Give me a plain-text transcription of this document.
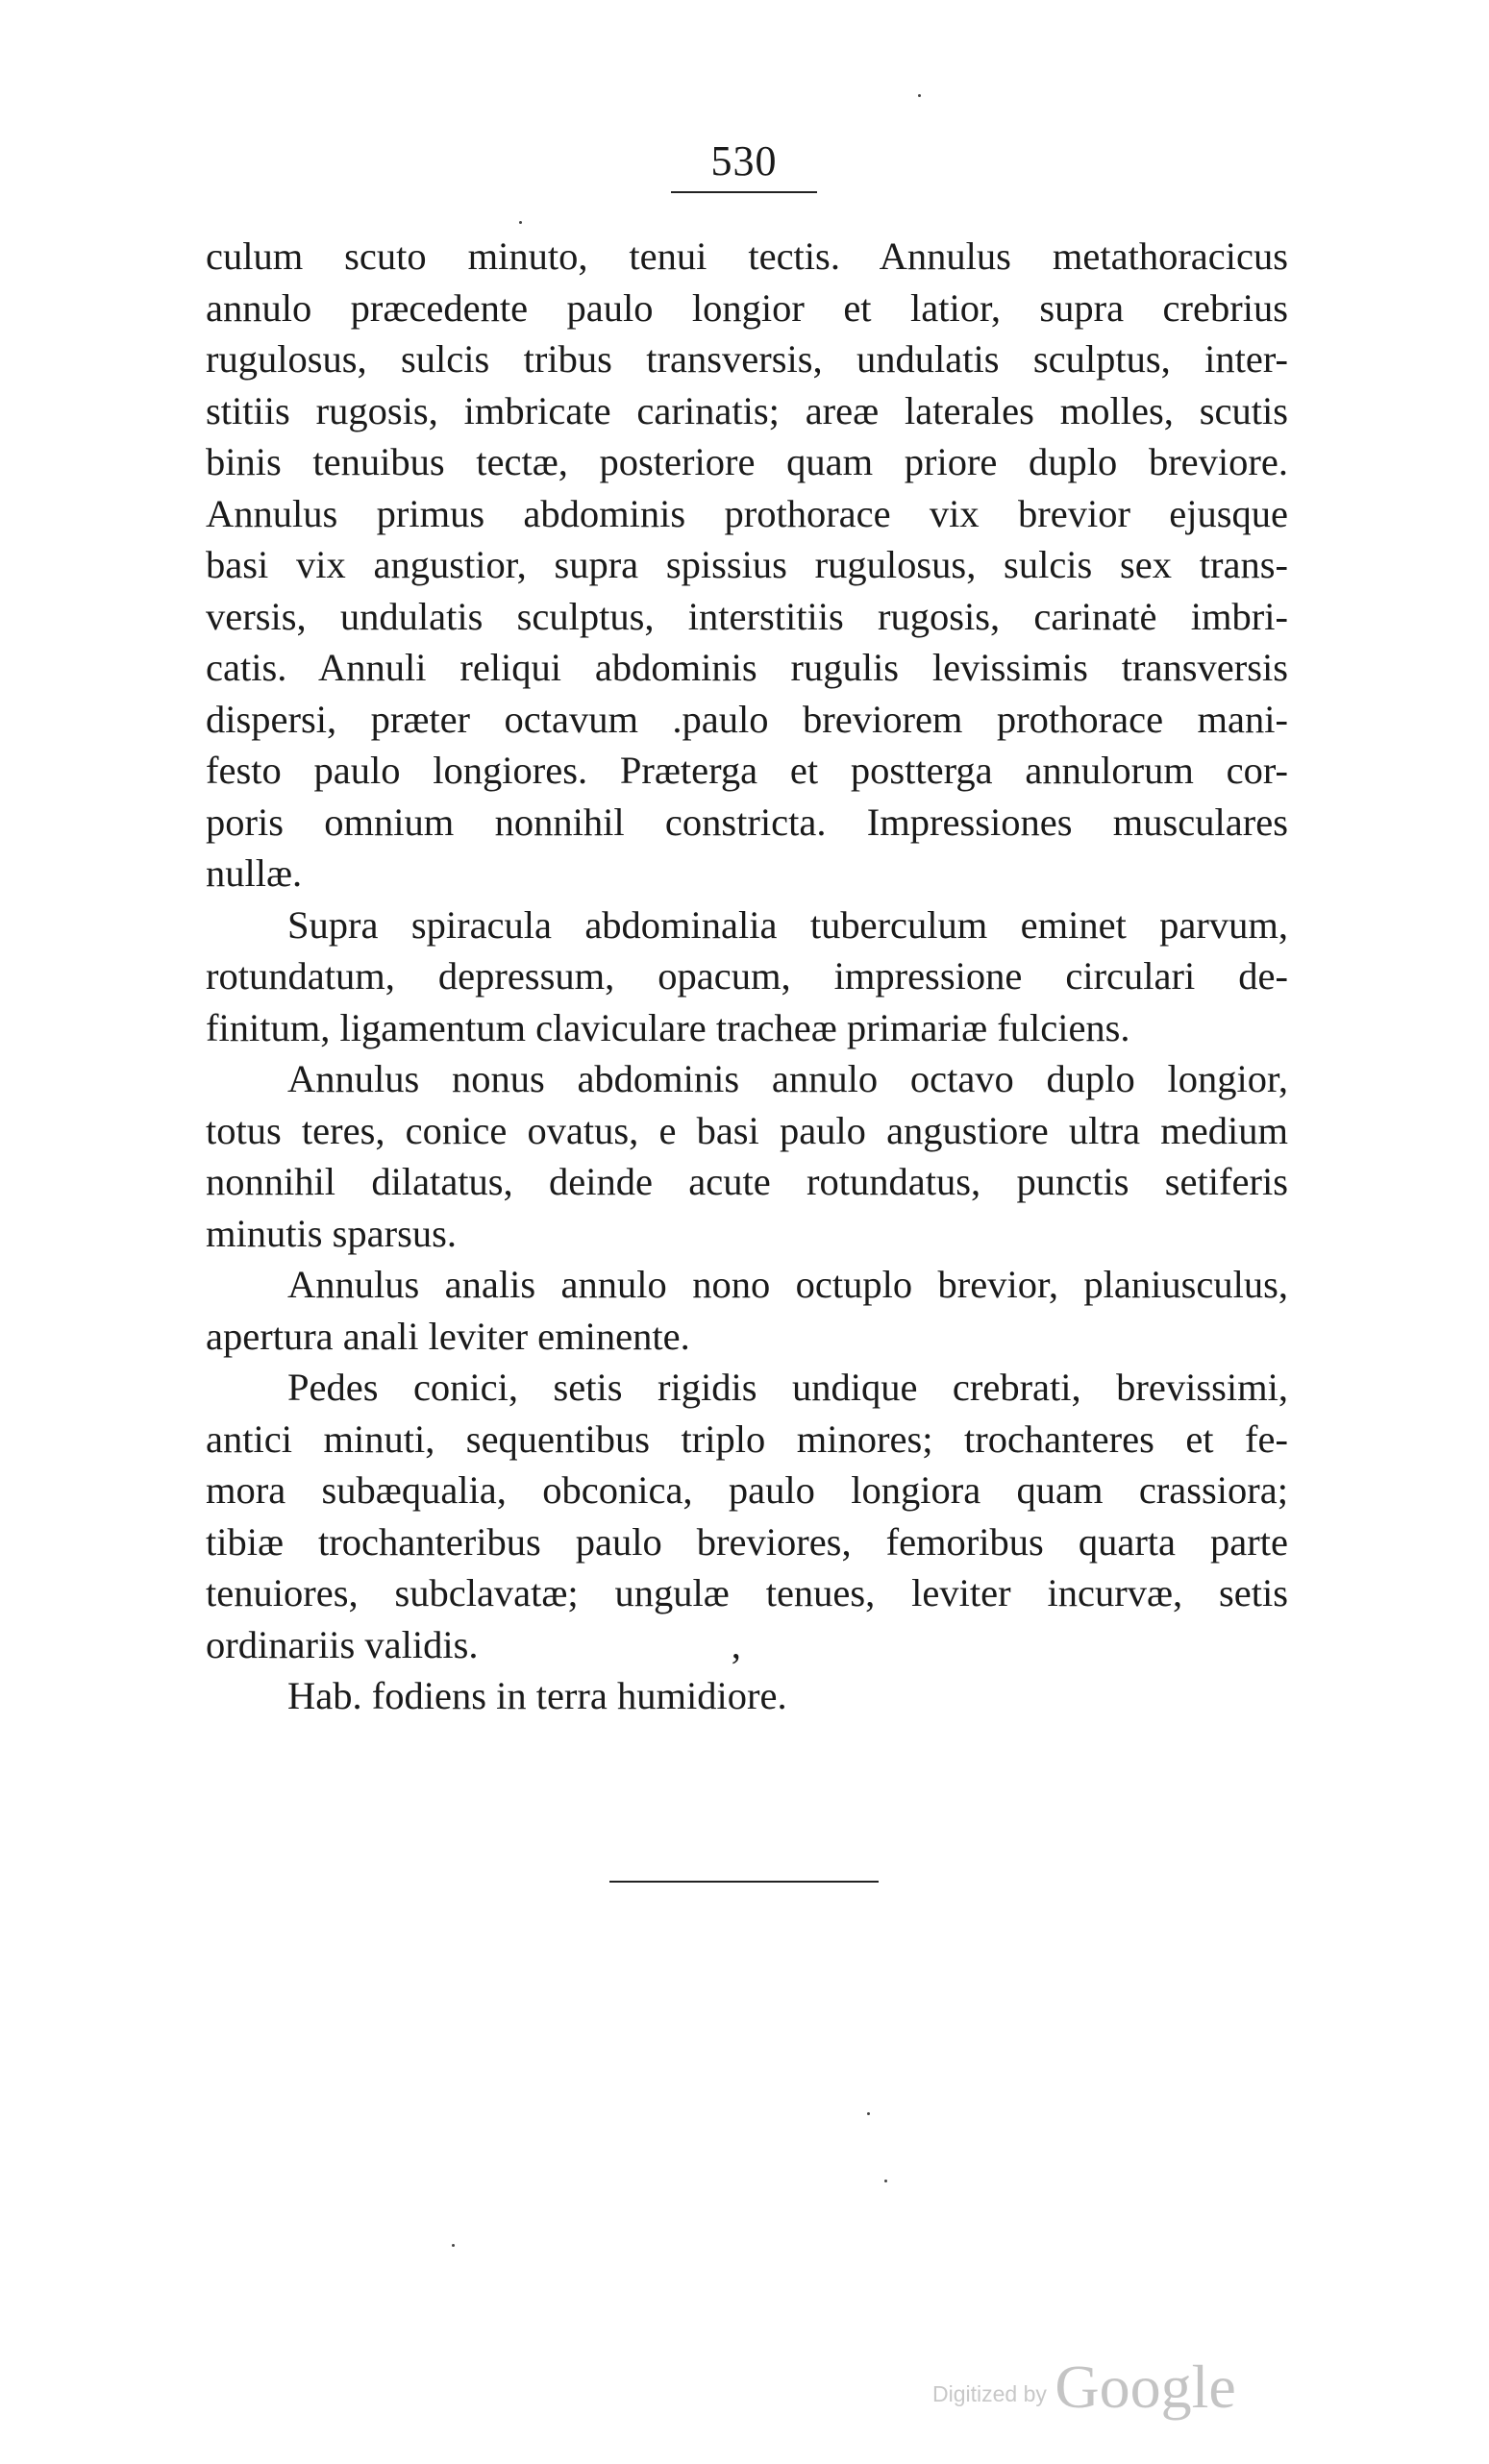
530
culum scuto minuto, tenui tectis. Annulus metathoracicus
annulo præcedente paulo longior et latior, supra crebrius
rugulosus, sulcis tribus transversis, undulatis sculptus, inter-
stitiis rugosis, imbricate carinatis; areæ laterales molles, scutis
binis tenuibus tectæ, posteriore quam priore duplo breviore.
Annulus primus abdominis prothorace vix brevior ejusque
basi vix angustior, supra spissius rugulosus, sulcis sex trans-
versis, undulatis sculptus, interstitiis rugosis, carinatė imbri-
catis. Annuli reliqui abdominis rugulis levissimis transversis
dispersi, præter octavum .paulo breviorem prothorace mani-
festo paulo longiores. Præterga et postterga annulorum cor-
poris omnium nonnihil constricta. Impressiones musculares
nullæ.
Supra spiracula abdominalia tuberculum eminet parvum,
rotundatum, depressum, opacum, impressione circulari de-
finitum, ligamentum claviculare tracheæ primariæ fulciens.
Annulus nonus abdominis annulo octavo duplo longior,
totus teres, conice ovatus, e basi paulo angustiore ultra medium
nonnihil dilatatus, deinde acute rotundatus, punctis setiferis
minutis sparsus.
Annulus analis annulo nono octuplo brevior, planiusculus,
apertura anali leviter eminente.
Pedes conici, setis rigidis undique crebrati, brevissimi,
antici minuti, sequentibus triplo minores; trochanteres et fe-
mora subæqualia, obconica, paulo longiora quam crassiora;
tibiæ trochanteribus paulo breviores, femoribus quarta parte
tenuiores, subclavatæ; ungulæ tenues, leviter incurvæ, setis
ordinariis validis.                          ,
Hab. fodiens in terra humidiore.
Digitized by Google
